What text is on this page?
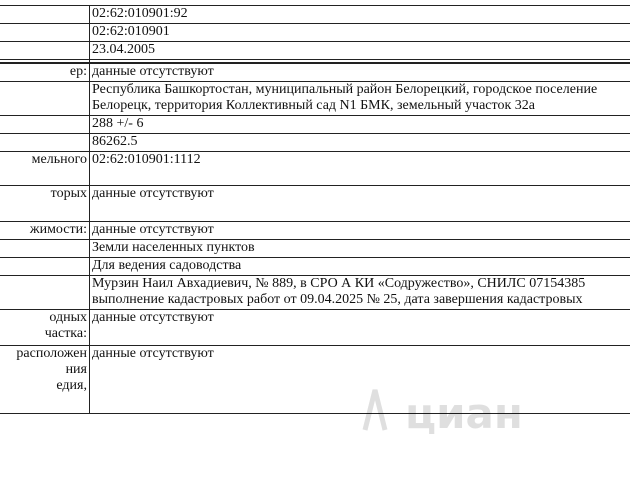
	02:62:010901:92
	02:62:010901
	23.04.2005

ер:	данные отсутствуют

	Республика Башкортостан, муниципальный район Белорецкий, городское поселение
Белорецк, территория Коллективный сад N1 БМК, земельный участок 32а

	288 +/- 6
	86262.5
мельного	02:62:010901:1112
торых	данные отсутствуют
жимости:	данные отсутствуют
	Земли населенных пунктов
	Для ведения садоводства

	Мурзин Наил Авхадиевич, № 889, в СРО А КИ «Содружество», СНИЛС 07154385
выполнение кадастровых работ от 09.04.2025 № 25, дата завершения кадастровых

одных
частка:	данные отсутствуют

расположен
ния
едия,	данные отсутствуют
циан
